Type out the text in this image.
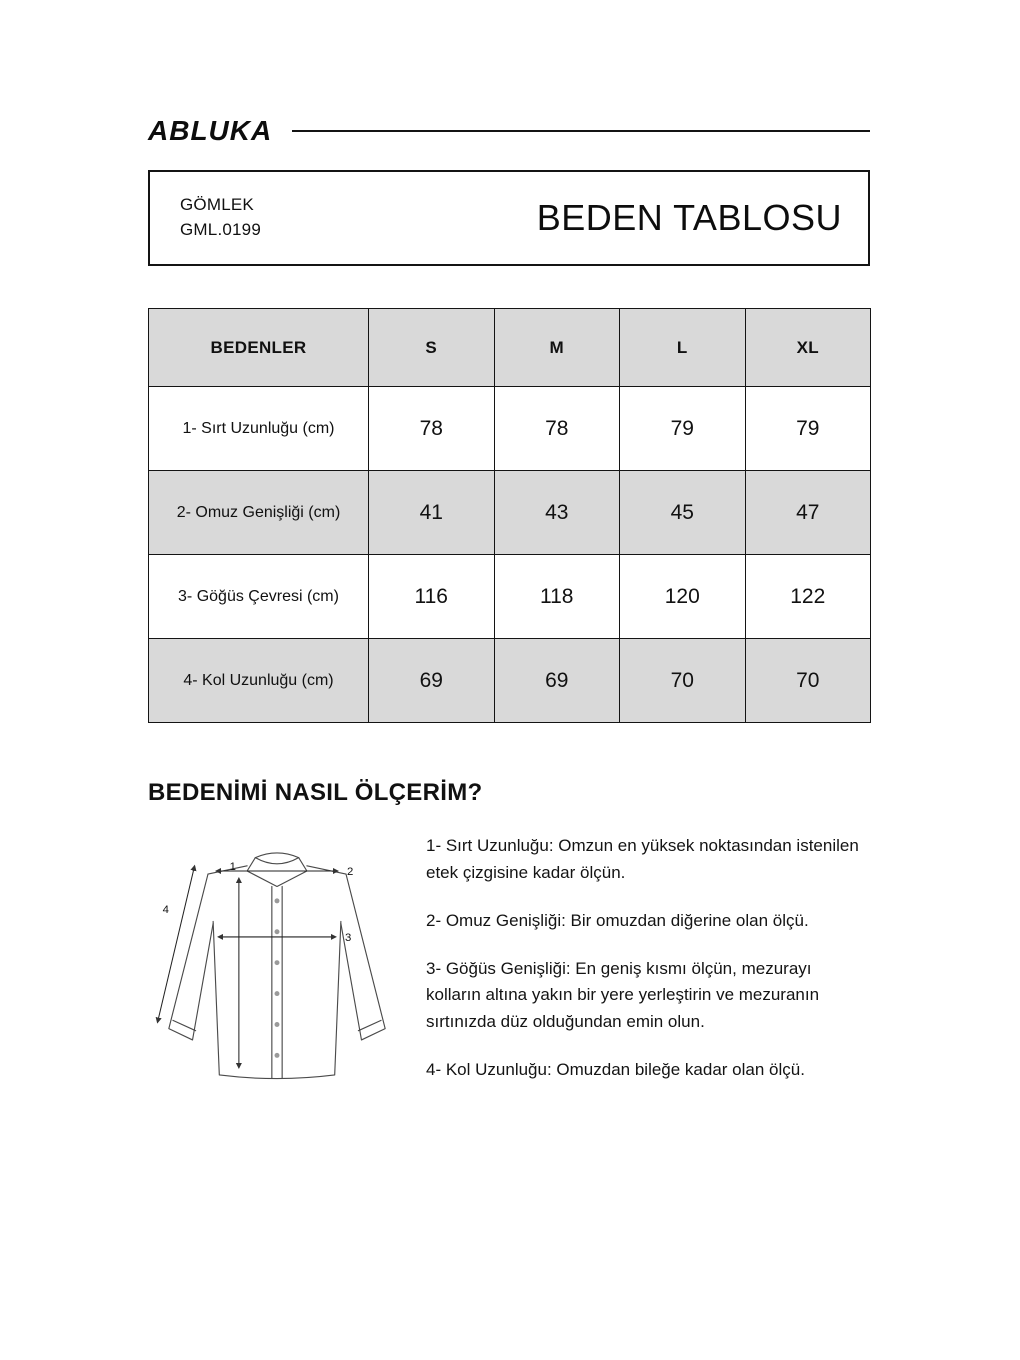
ABLUKA
GÖMLEK
GML.0199	BEDEN TABLOSU
BEDENLER	S	M	L	XL
1- Sırt Uzunluğu (cm)	78	78	79	79
2- Omuz Genişliği (cm)	41	43	45	47
3- Göğüs Çevresi (cm)	116	118	120	122
4- Kol Uzunluğu (cm)	69	69	70	70
BEDENİMİ NASIL ÖLÇERİM?
1	2
3
4

1- Sırt Uzunluğu: Omzun en yüksek noktasından istenilen etek çizgisine kadar ölçün.

2- Omuz Genişliği: Bir omuzdan diğerine olan ölçü.

3- Göğüs Genişliği: En geniş kısmı ölçün, mezurayı kolların altına yakın bir yere yerleştirin ve mezuranın sırtınızda düz olduğundan emin olun.

4- Kol Uzunluğu: Omuzdan bileğe kadar olan ölçü.
